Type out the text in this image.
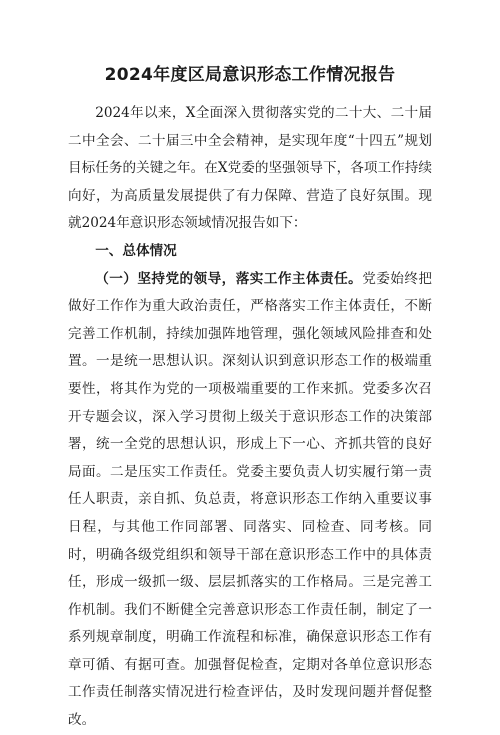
2024年度区局意识形态工作情况报告

2024年以来，X全面深入贯彻落实党的二十大、二十届二中全会、二十届三中全会精神，是实现年度“十四五”规划目标任务的关键之年。在X党委的坚强领导下，各项工作持续向好，为高质量发展提供了有力保障、营造了良好氛围。现就2024年意识形态领域情况报告如下：

一、总体情况

（一）坚持党的领导，落实工作主体责任。党委始终把做好工作作为重大政治责任，严格落实工作主体责任，不断完善工作机制，持续加强阵地管理，强化领域风险排查和处置。一是统一思想认识。深刻认识到意识形态工作的极端重要性，将其作为党的一项极端重要的工作来抓。党委多次召开专题会议，深入学习贯彻上级关于意识形态工作的决策部署，统一全党的思想认识，形成上下一心、齐抓共管的良好局面。二是压实工作责任。党委主要负责人切实履行第一责任人职责，亲自抓、负总责，将意识形态工作纳入重要议事日程，与其他工作同部署、同落实、同检查、同考核。同时，明确各级党组织和领导干部在意识形态工作中的具体责任，形成一级抓一级、层层抓落实的工作格局。三是完善工作机制。我们不断健全完善意识形态工作责任制，制定了一系列规章制度，明确工作流程和标准，确保意识形态工作有章可循、有据可查。加强督促检查，定期对各单位意识形态工作责任制落实情况进行检查评估，及时发现问题并督促整改。
